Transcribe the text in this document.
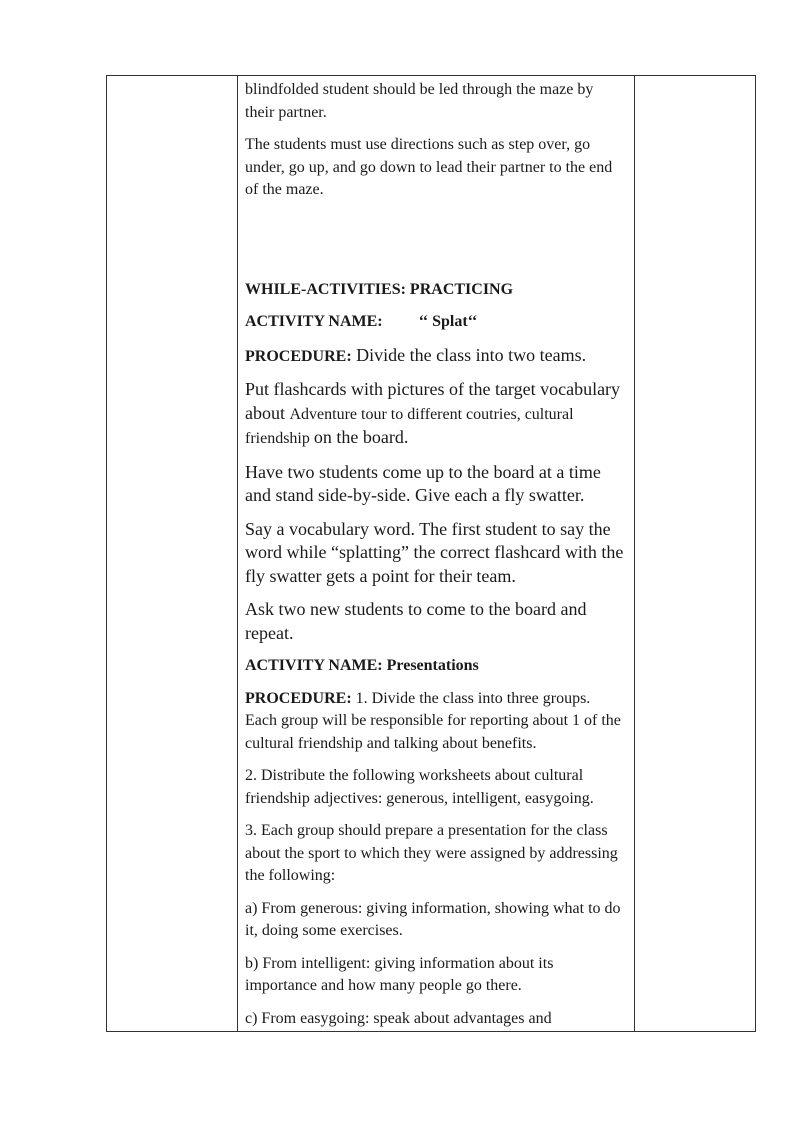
blindfolded student should be led through the maze by their partner.

The students must use directions such as step over, go under, go up, and go down to lead their partner to the end of the maze.

WHILE-ACTIVITIES: PRACTICING

ACTIVITY NAME: ‘‘ Splat‘‘

PROCEDURE: Divide the class into two teams.

Put flashcards with pictures of the target vocabulary about Adventure tour to different coutries, cultural friendship on the board.

Have two students come up to the board at a time and stand side-by-side. Give each a fly swatter.

Say a vocabulary word. The first student to say the word while “splatting” the correct flashcard with the fly swatter gets a point for their team.

Ask two new students to come to the board and repeat.

ACTIVITY NAME: Presentations

PROCEDURE: 1. Divide the class into three groups. Each group will be responsible for reporting about 1 of the cultural friendship and talking about benefits.

2. Distribute the following worksheets about cultural friendship adjectives: generous, intelligent, easygoing.

3. Each group should prepare a presentation for the class about the sport to which they were assigned by addressing the following:

a) From generous: giving information, showing what to do it, doing some exercises.

b) From intelligent: giving information about its importance and how many people go there.

c) From easygoing: speak about advantages and
